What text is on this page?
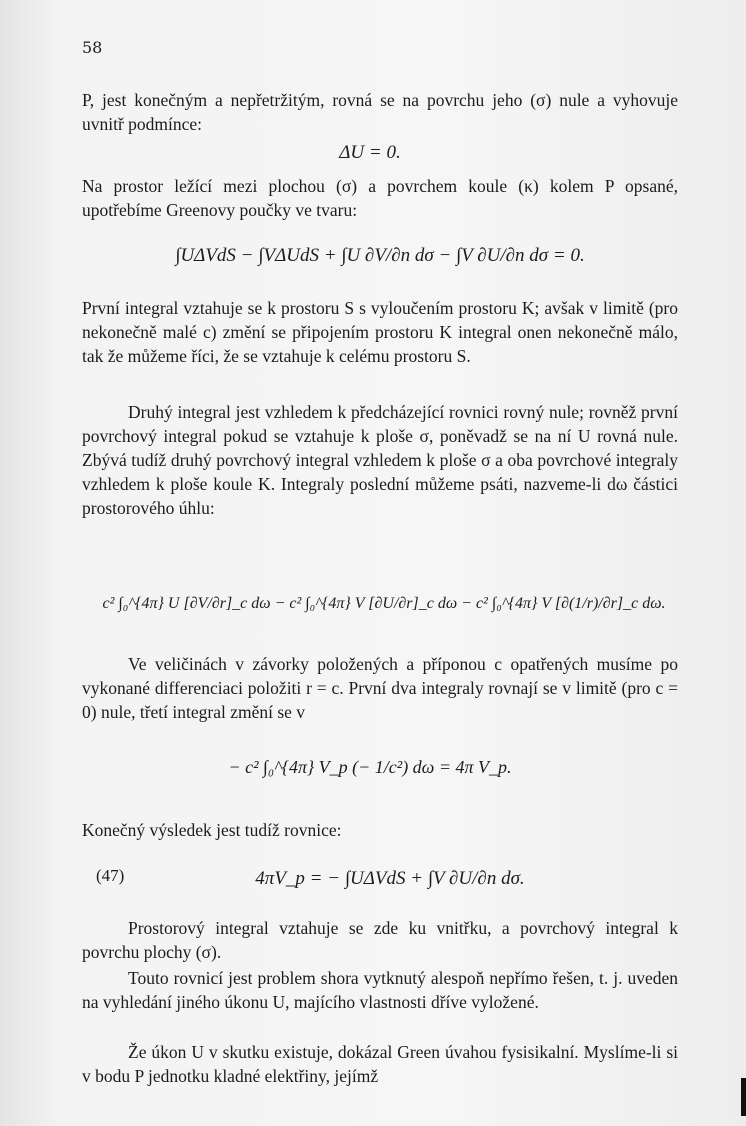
58
P, jest konečným a nepřetržitým, rovná se na povrchu jeho (σ) nule a vyhovuje uvnitř podmínce:
ΔU = 0.
Na prostor ležící mezi plochou (σ) a povrchem koule (κ) kolem P opsané, upotřebíme Greenovy poučky ve tvaru:
∫UΔVdS − ∫VΔUdS + ∫U ∂V/∂n dσ − ∫V ∂U/∂n dσ = 0.
První integral vztahuje se k prostoru S s vyloučením prostoru K; avšak v limitě (pro nekonečně malé c) změní se připojením prostoru K integral onen nekonečně málo, tak že můžeme říci, že se vztahuje k celému prostoru S.
Druhý integral jest vzhledem k předcházející rovnici rovný nule; rovněž první povrchový integral pokud se vztahuje k ploše σ, poněvadž se na ní U rovná nule. Zbývá tudíž druhý povrchový integral vzhledem k ploše σ a oba povrchové integraly vzhledem k ploše koule K. Integraly poslední můžeme psáti, nazveme-li dω částici prostorového úhlu:
c² ∫₀^{4π} U [∂V/∂r]_c dω − c² ∫₀^{4π} V [∂U/∂r]_c dω − c² ∫₀^{4π} V [∂(1/r)/∂r]_c dω.
Ve veličinách v závorky položených a příponou c opatřených musíme po vykonané differenciaci položiti r = c. První dva integraly rovnají se v limitě (pro c = 0) nule, třetí integral změní se v
− c² ∫₀^{4π} V_p (− 1/c²) dω = 4π V_p.
Konečný výsledek jest tudíž rovnice:
(47)	4πV_p = − ∫UΔVdS + ∫V ∂U/∂n dσ.
Prostorový integral vztahuje se zde ku vnitřku, a povrchový integral k povrchu plochy (σ).
Touto rovnicí jest problem shora vytknutý alespoň nepřímo řešen, t. j. uveden na vyhledání jiného úkonu U, majícího vlastnosti dříve vyložené.
Že úkon U v skutku existuje, dokázal Green úvahou fysisikalní. Myslíme-li si v bodu P jednotku kladné elektřiny, jejímž
